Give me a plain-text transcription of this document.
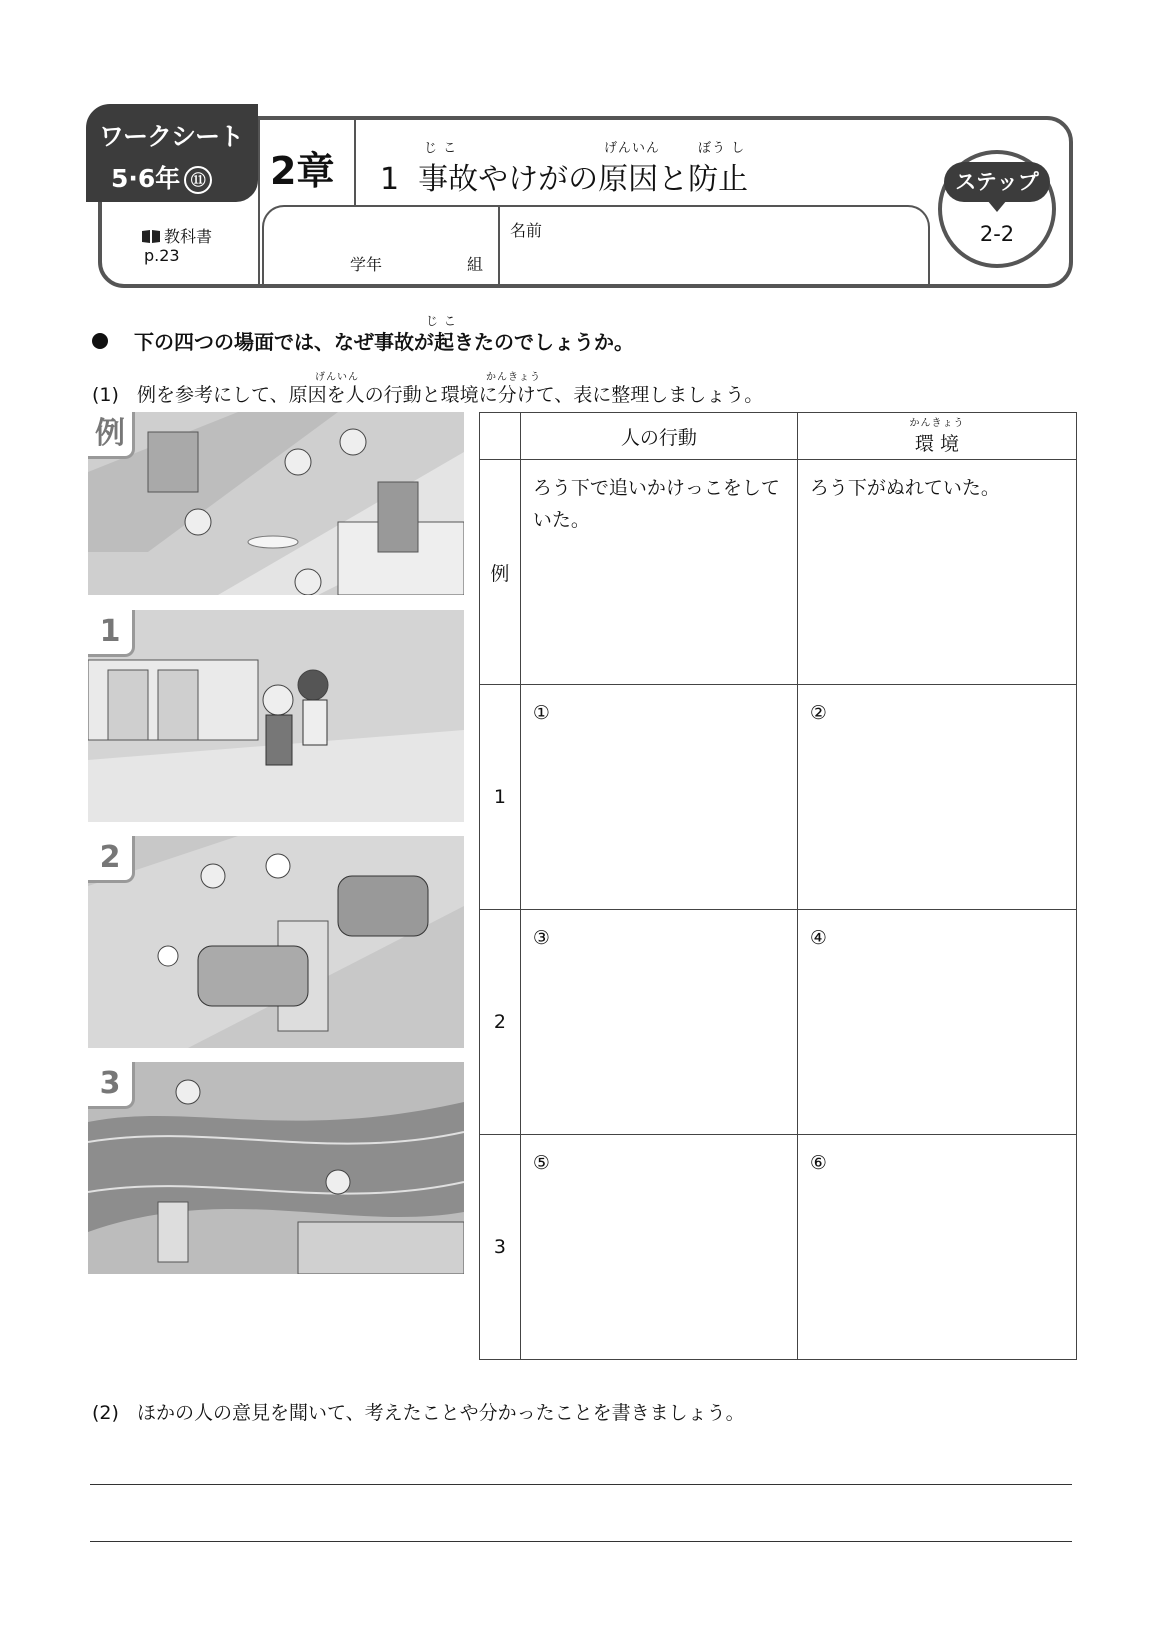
ワークシート
5·6年 ⑪ 2章
じ こ	げんいん	ぼう し
1 事故やけがの原因と防止	ステップ
2-2
教科書
p.23	学年	組
名前
じ こ
下の四つの場面では、なぜ事故が起きたのでしょうか。
げんいん	かんきょう
(1) 例を参考にして、原因を人の行動と環境に分けて、表に整理しましょう。
例
1
2
3
	人の行動	かんきょう
環 境
例	ろう下で追いかけっこをしていた。	ろう下がぬれていた。
1	①	②
2	③	④
3	⑤	⑥
(2) ほかの人の意見を聞いて、考えたことや分かったことを書きましょう。
